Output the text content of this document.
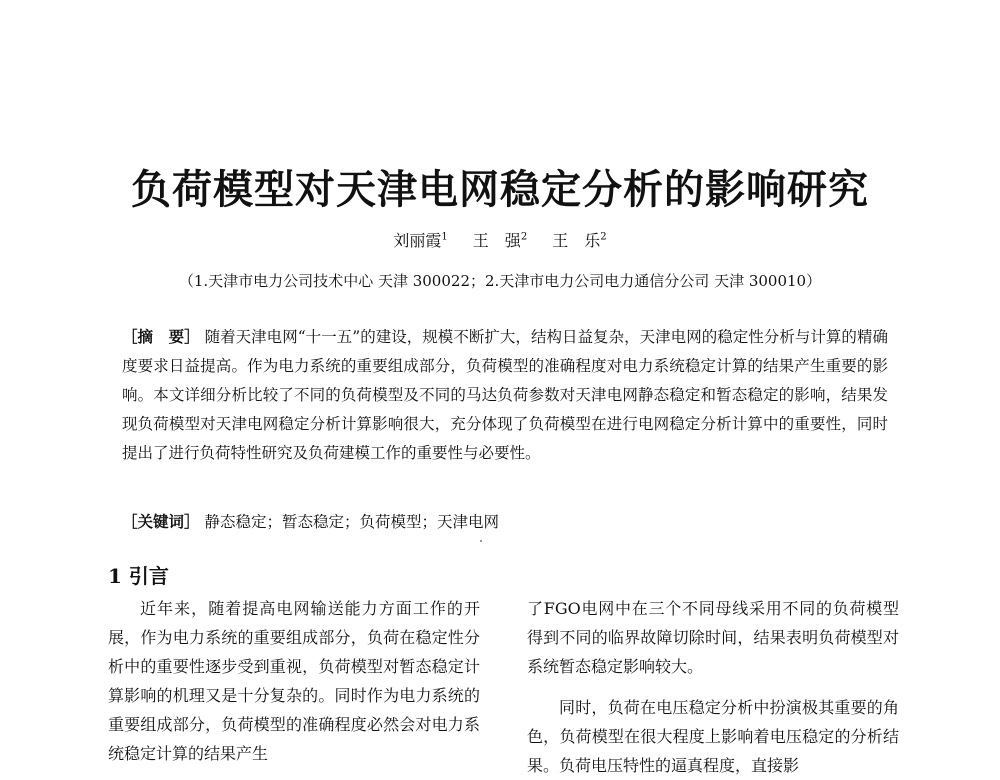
负荷模型对天津电网稳定分析的影响研究
刘丽霞$^1$ 王　强$^2$ 王　乐$^2$
（1.天津市电力公司技术中心 天津 300022；2.天津市电力公司电力通信分公司 天津 300010）
［摘　要］ 随着天津电网“十一五”的建设，规模不断扩大，结构日益复杂，天津电网的稳定性分析与计算的精确度要求日益提高。作为电力系统的重要组成部分，负荷模型的准确程度对电力系统稳定计算的结果产生重要的影响。本文详细分析比较了不同的负荷模型及不同的马达负荷参数对天津电网静态稳定和暂态稳定的影响，结果发现负荷模型对天津电网稳定分析计算影响很大，充分体现了负荷模型在进行电网稳定分析计算中的重要性，同时提出了进行负荷特性研究及负荷建模工作的重要性与必要性。
［关键词］ 静态稳定；暂态稳定；负荷模型；天津电网
1 引言

近年来，随着提高电网输送能力方面工作的开展，作为电力系统的重要组成部分，负荷在稳定性分析中的重要性逐步受到重视，负荷模型对暂态稳定计算影响的机理又是十分复杂的。同时作为电力系统的重要组成部分，负荷模型的准确程度必然会对电力系统稳定计算的结果产生

了FGO电网中在三个不同母线采用不同的负荷模型得到不同的临界故障切除时间，结果表明负荷模型对系统暂态稳定影响较大。

同时，负荷在电压稳定分析中扮演极其重要的角色，负荷模型在很大程度上影响着电压稳定的分析结果。负荷电压特性的逼真程度，直接影
